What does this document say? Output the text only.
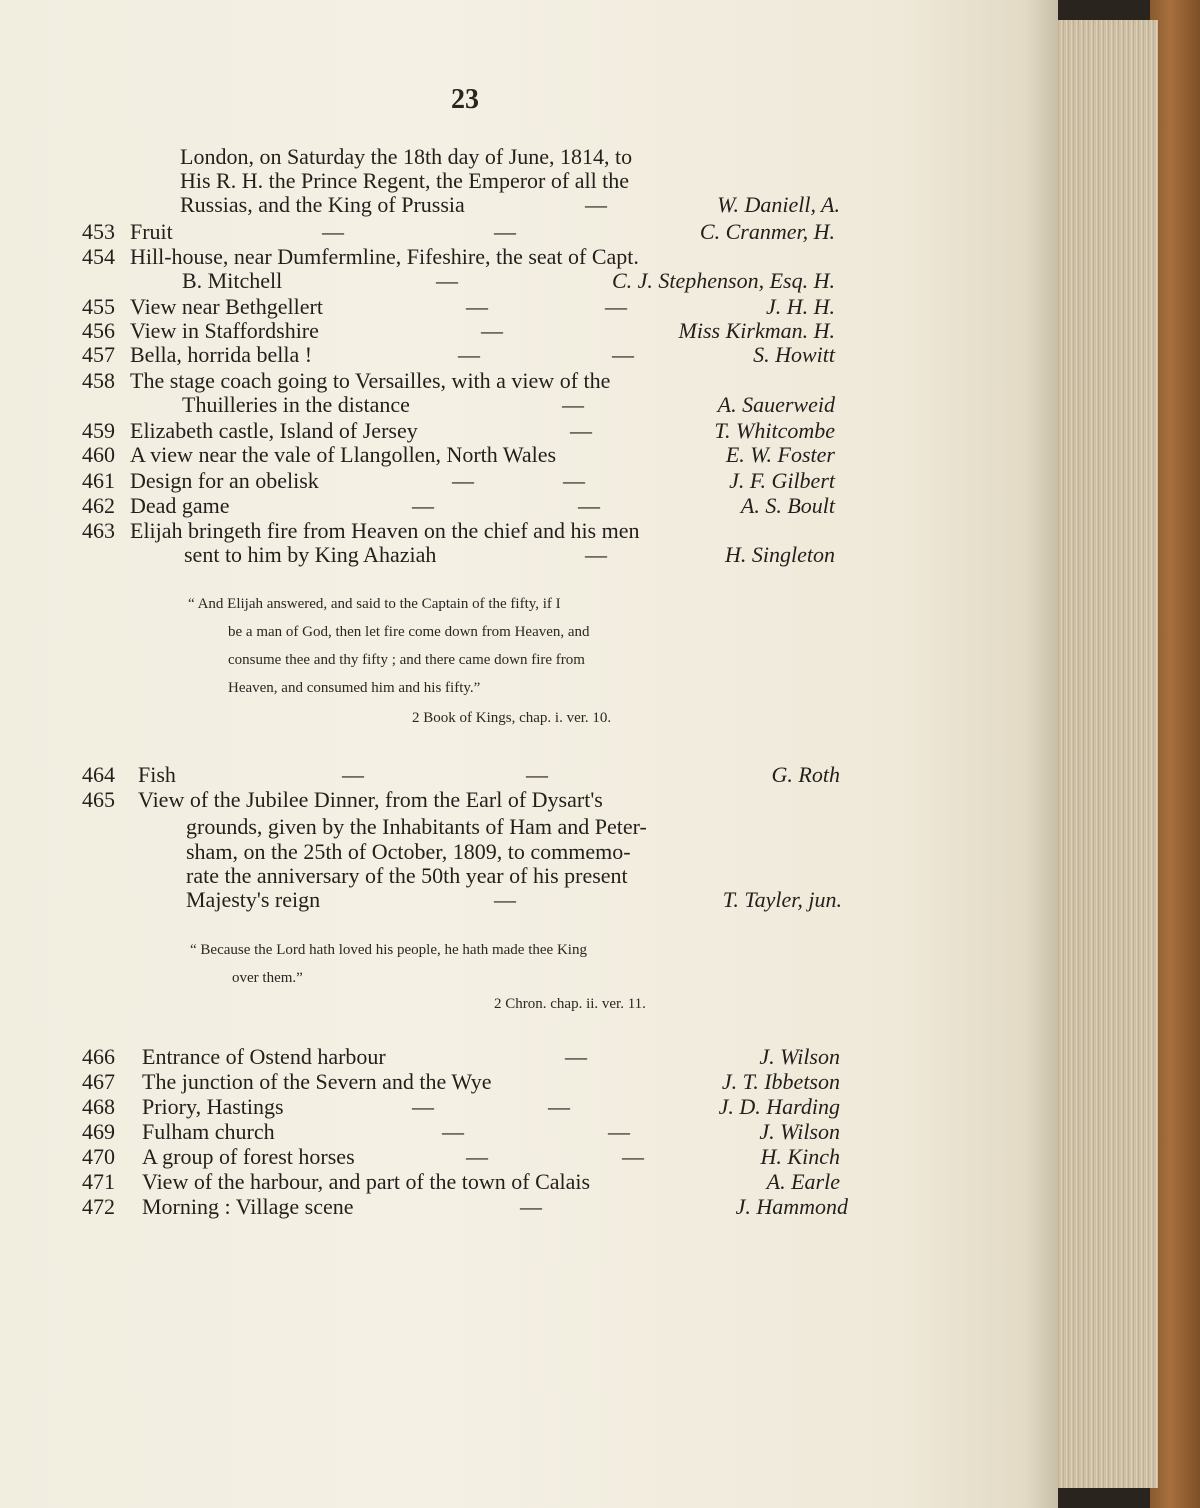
23
London, on Saturday the 18th day of June, 1814, to
His R. H. the Prince Regent, the Emperor of all the
Russias, and the King of Prussia	—	W. Daniell, A.
453 Fruit	—	—	C. Cranmer, H.
454 Hill-house, near Dumfermline, Fifeshire, the seat of Capt.
B. Mitchell	—	C. J. Stephenson, Esq. H.
455 View near Bethgellert	—	—	J. H. H.
456 View in Staffordshire	—	Miss Kirkman. H.
457 Bella, horrida bella !	—	—	S. Howitt
458 The stage coach going to Versailles, with a view of the
Thuilleries in the distance	—	A. Sauerweid
459 Elizabeth castle, Island of Jersey	—	T. Whitcombe
460 A view near the vale of Llangollen, North Wales	E. W. Foster
461 Design for an obelisk	—	—	J. F. Gilbert
462 Dead game	—	—	A. S. Boult
463 Elijah bringeth fire from Heaven on the chief and his men
sent to him by King Ahaziah	—	H. Singleton
“ And Elijah answered, and said to the Captain of the fifty, if I
be a man of God, then let fire come down from Heaven, and
consume thee and thy fifty ; and there came down fire from
Heaven, and consumed him and his fifty.”
2 Book of Kings, chap. i. ver. 10.
464 Fish	—	—	G. Roth
465 View of the Jubilee Dinner, from the Earl of Dysart's
grounds, given by the Inhabitants of Ham and Peter-
sham, on the 25th of October, 1809, to commemo-
rate the anniversary of the 50th year of his present
Majesty's reign	—	T. Tayler, jun.
“ Because the Lord hath loved his people, he hath made thee King
over them.”
2 Chron. chap. ii. ver. 11.
466 Entrance of Ostend harbour	—	J. Wilson
467 The junction of the Severn and the Wye	J. T. Ibbetson
468 Priory, Hastings	—	—	J. D. Harding
469 Fulham church	—	—	J. Wilson
470 A group of forest horses	—	—	H. Kinch
471 View of the harbour, and part of the town of Calais	A. Earle
472 Morning : Village scene	—	J. Hammond
